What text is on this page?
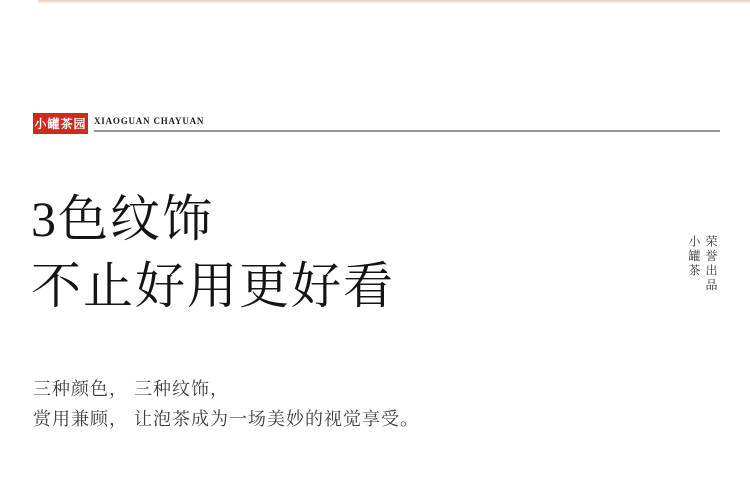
小罐茶园 XIAOGUAN CHAYUAN
3色纹饰
不止好用更好看	荣誉出品
小罐茶
三种颜色， 三种纹饰，
赏用兼顾， 让泡茶成为一场美妙的视觉享受。
